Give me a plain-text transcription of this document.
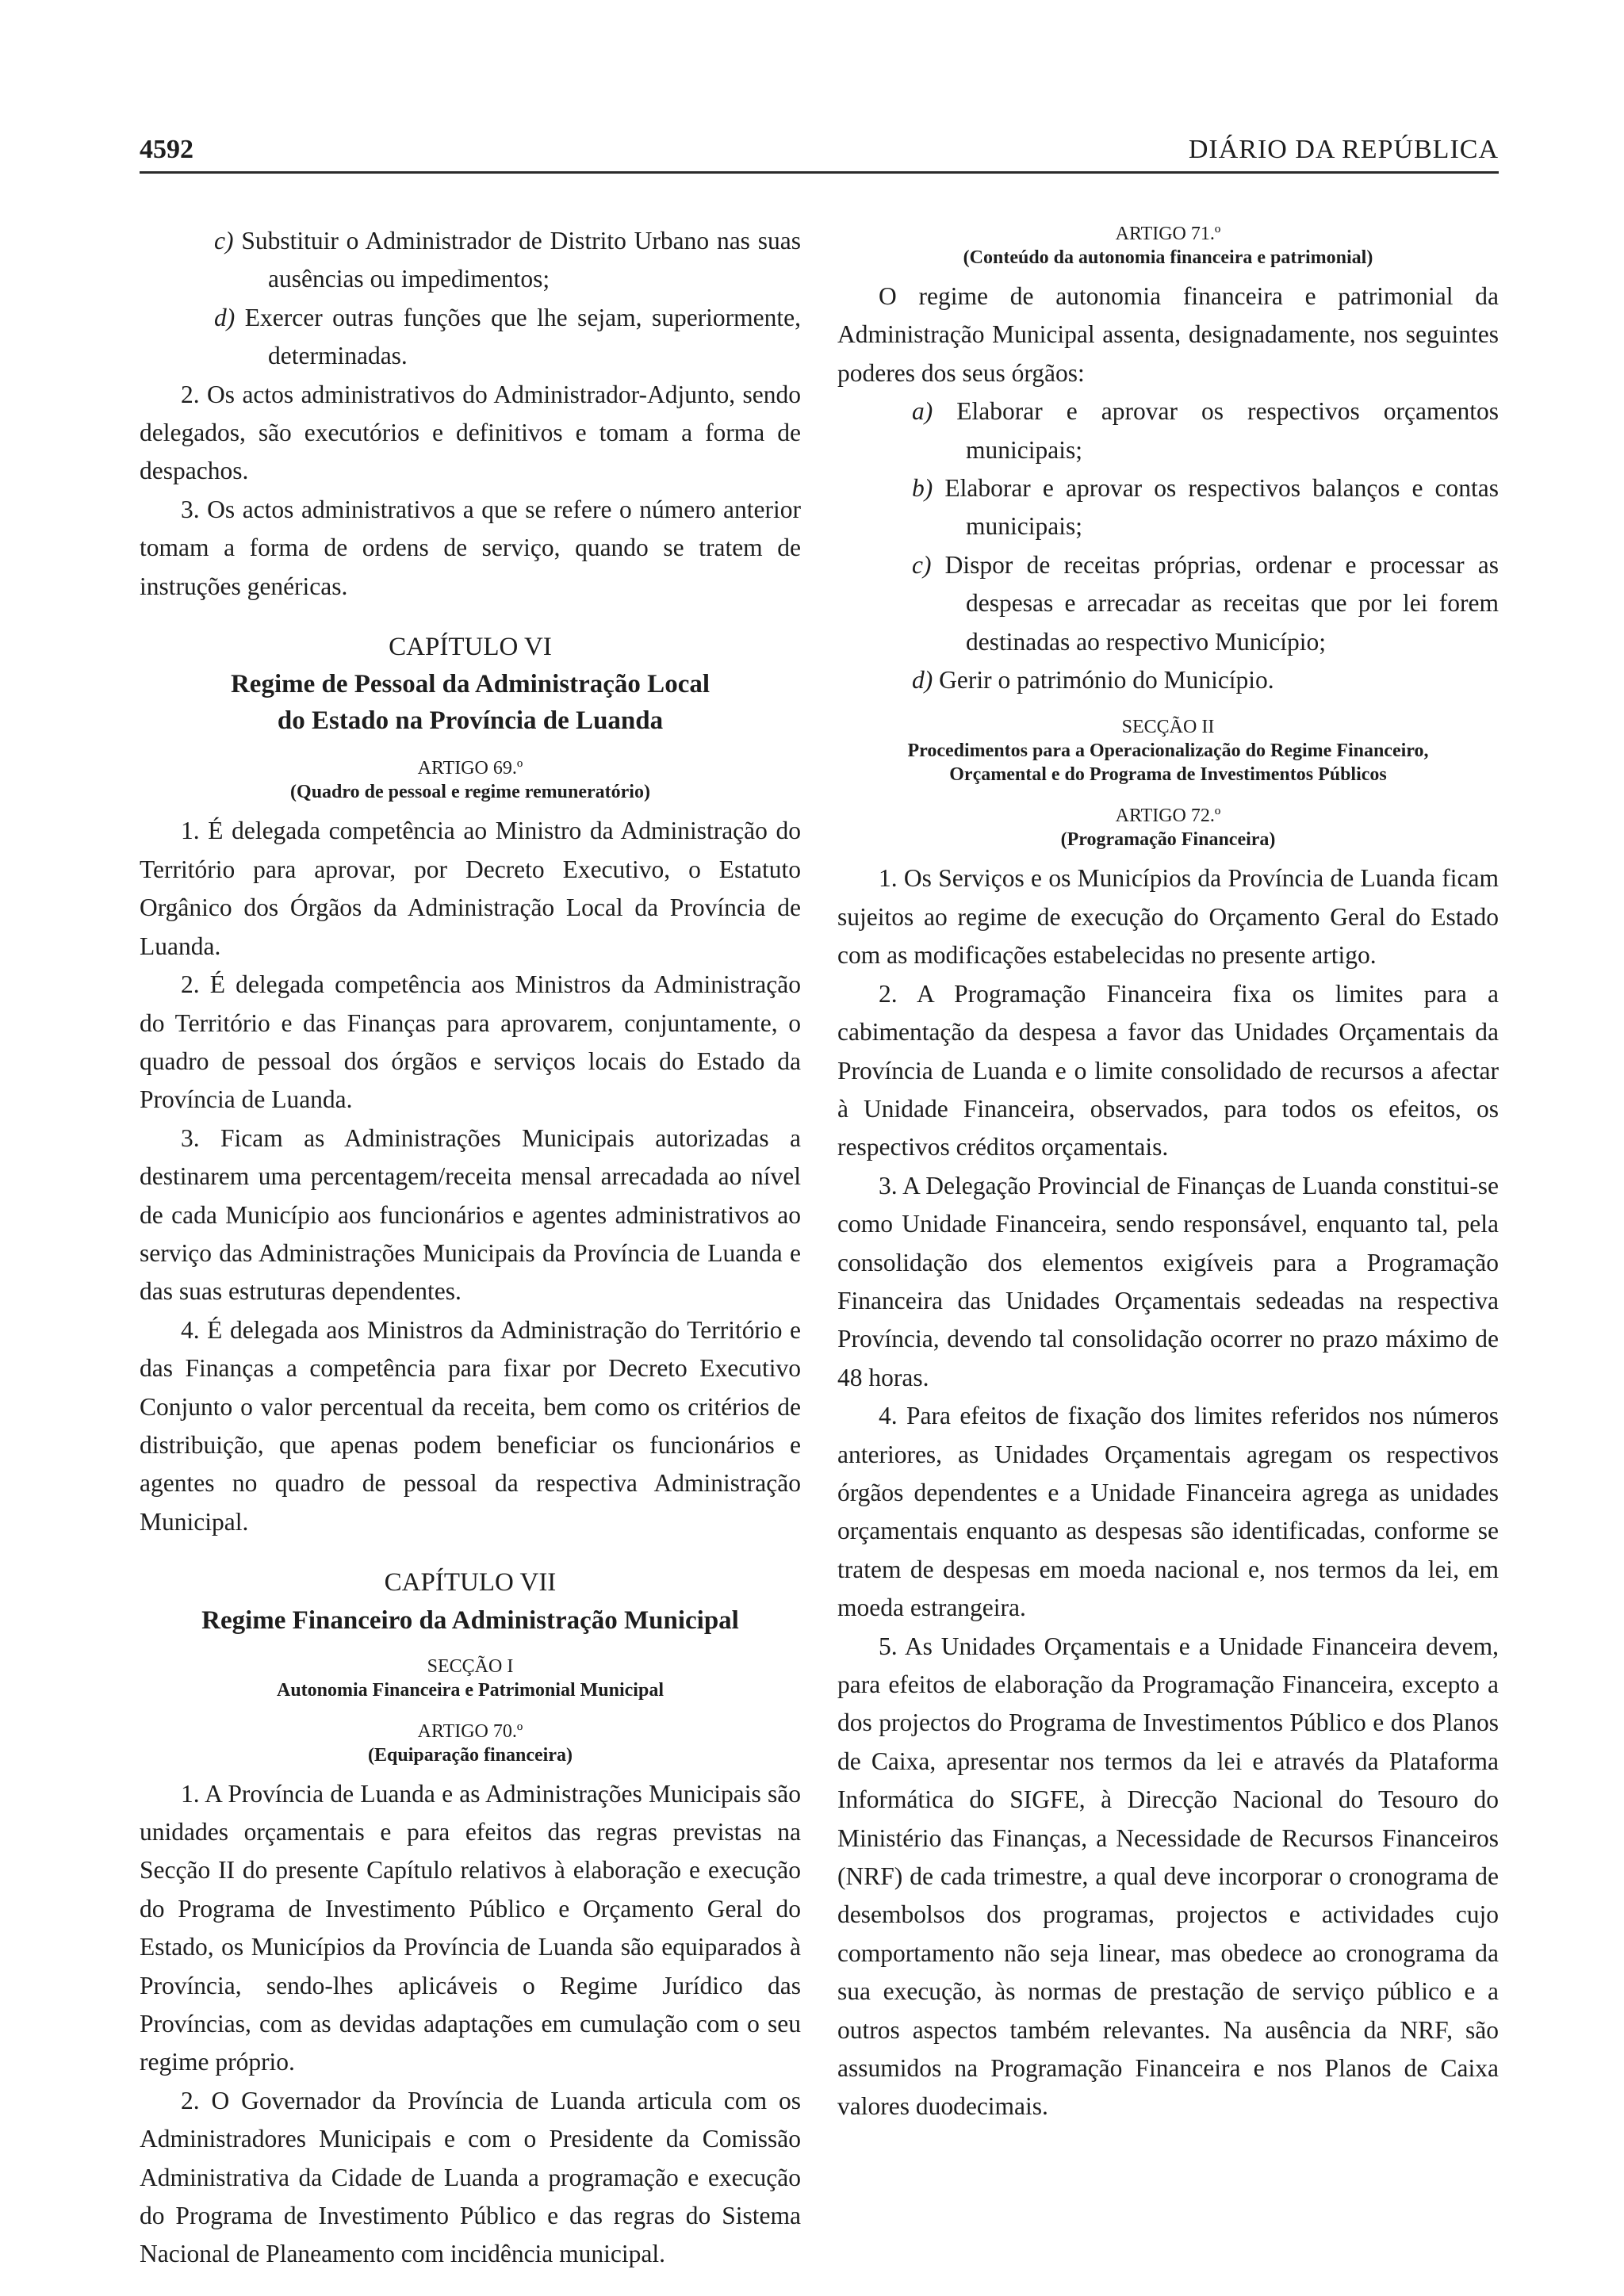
4592	DIÁRIO DA REPÚBLICA

c) Substituir o Administrador de Distrito Urbano nas suas ausências ou impedimentos;

d) Exercer outras funções que lhe sejam, superiormente, determinadas.

2. Os actos administrativos do Administrador-Adjunto, sendo delegados, são executórios e definitivos e tomam a forma de despachos.

3. Os actos administrativos a que se refere o número anterior tomam a forma de ordens de serviço, quando se tratem de instruções genéricas.

CAPÍTULO VI

Regime de Pessoal da Administração Local

do Estado na Província de Luanda

ARTIGO 69.º

(Quadro de pessoal e regime remuneratório)

1. É delegada competência ao Ministro da Administração do Território para aprovar, por Decreto Executivo, o Estatuto Orgânico dos Órgãos da Administração Local da Província de Luanda.

2. É delegada competência aos Ministros da Administração do Território e das Finanças para aprovarem, conjuntamente, o quadro de pessoal dos órgãos e serviços locais do Estado da Província de Luanda.

3. Ficam as Administrações Municipais autorizadas a destinarem uma percentagem/receita mensal arrecadada ao nível de cada Município aos funcionários e agentes administrativos ao serviço das Administrações Municipais da Província de Luanda e das suas estruturas dependentes.

4. É delegada aos Ministros da Administração do Território e das Finanças a competência para fixar por Decreto Executivo Conjunto o valor percentual da receita, bem como os critérios de distribuição, que apenas podem beneficiar os funcionários e agentes no quadro de pessoal da respectiva Administração Municipal.

CAPÍTULO VII

Regime Financeiro da Administração Municipal

SECÇÃO I

Autonomia Financeira e Patrimonial Municipal

ARTIGO 70.º

(Equiparação financeira)

1. A Província de Luanda e as Administrações Municipais são unidades orçamentais e para efeitos das regras previstas na Secção II do presente Capítulo relativos à elaboração e execução do Programa de Investimento Público e Orçamento Geral do Estado, os Municípios da Província de Luanda são equiparados à Província, sendo-lhes aplicáveis o Regime Jurídico das Províncias, com as devidas adaptações em cumulação com o seu regime próprio.

2. O Governador da Província de Luanda articula com os Administradores Municipais e com o Presidente da Comissão Administrativa da Cidade de Luanda a programação e execução do Programa de Investimento Público e das regras do Sistema Nacional de Planeamento com incidência municipal.

ARTIGO 71.º

(Conteúdo da autonomia financeira e patrimonial)

O regime de autonomia financeira e patrimonial da Administração Municipal assenta, designadamente, nos seguintes poderes dos seus órgãos:

a) Elaborar e aprovar os respectivos orçamentos municipais;

b) Elaborar e aprovar os respectivos balanços e contas municipais;

c) Dispor de receitas próprias, ordenar e processar as despesas e arrecadar as receitas que por lei forem destinadas ao respectivo Município;

d) Gerir o património do Município.

SECÇÃO II

Procedimentos para a Operacionalização do Regime Financeiro,

Orçamental e do Programa de Investimentos Públicos

ARTIGO 72.º

(Programação Financeira)

1. Os Serviços e os Municípios da Província de Luanda ficam sujeitos ao regime de execução do Orçamento Geral do Estado com as modificações estabelecidas no presente artigo.

2. A Programação Financeira fixa os limites para a cabimentação da despesa a favor das Unidades Orçamentais da Província de Luanda e o limite consolidado de recursos a afectar à Unidade Financeira, observados, para todos os efeitos, os respectivos créditos orçamentais.

3. A Delegação Provincial de Finanças de Luanda constitui-se como Unidade Financeira, sendo responsável, enquanto tal, pela consolidação dos elementos exigíveis para a Programação Financeira das Unidades Orçamentais sedeadas na respectiva Província, devendo tal consolidação ocorrer no prazo máximo de 48 horas.

4. Para efeitos de fixação dos limites referidos nos números anteriores, as Unidades Orçamentais agregam os respectivos órgãos dependentes e a Unidade Financeira agrega as unidades orçamentais enquanto as despesas são identificadas, conforme se tratem de despesas em moeda nacional e, nos termos da lei, em moeda estrangeira.

5. As Unidades Orçamentais e a Unidade Financeira devem, para efeitos de elaboração da Programação Financeira, excepto a dos projectos do Programa de Investimentos Público e dos Planos de Caixa, apresentar nos termos da lei e através da Plataforma Informática do SIGFE, à Direcção Nacional do Tesouro do Ministério das Finanças, a Necessidade de Recursos Financeiros (NRF) de cada trimestre, a qual deve incorporar o cronograma de desembolsos dos programas, projectos e actividades cujo comportamento não seja linear, mas obedece ao cronograma da sua execução, às normas de prestação de serviço público e a outros aspectos também relevantes. Na ausência da NRF, são assumidos na Programação Financeira e nos Planos de Caixa valores duodecimais.
